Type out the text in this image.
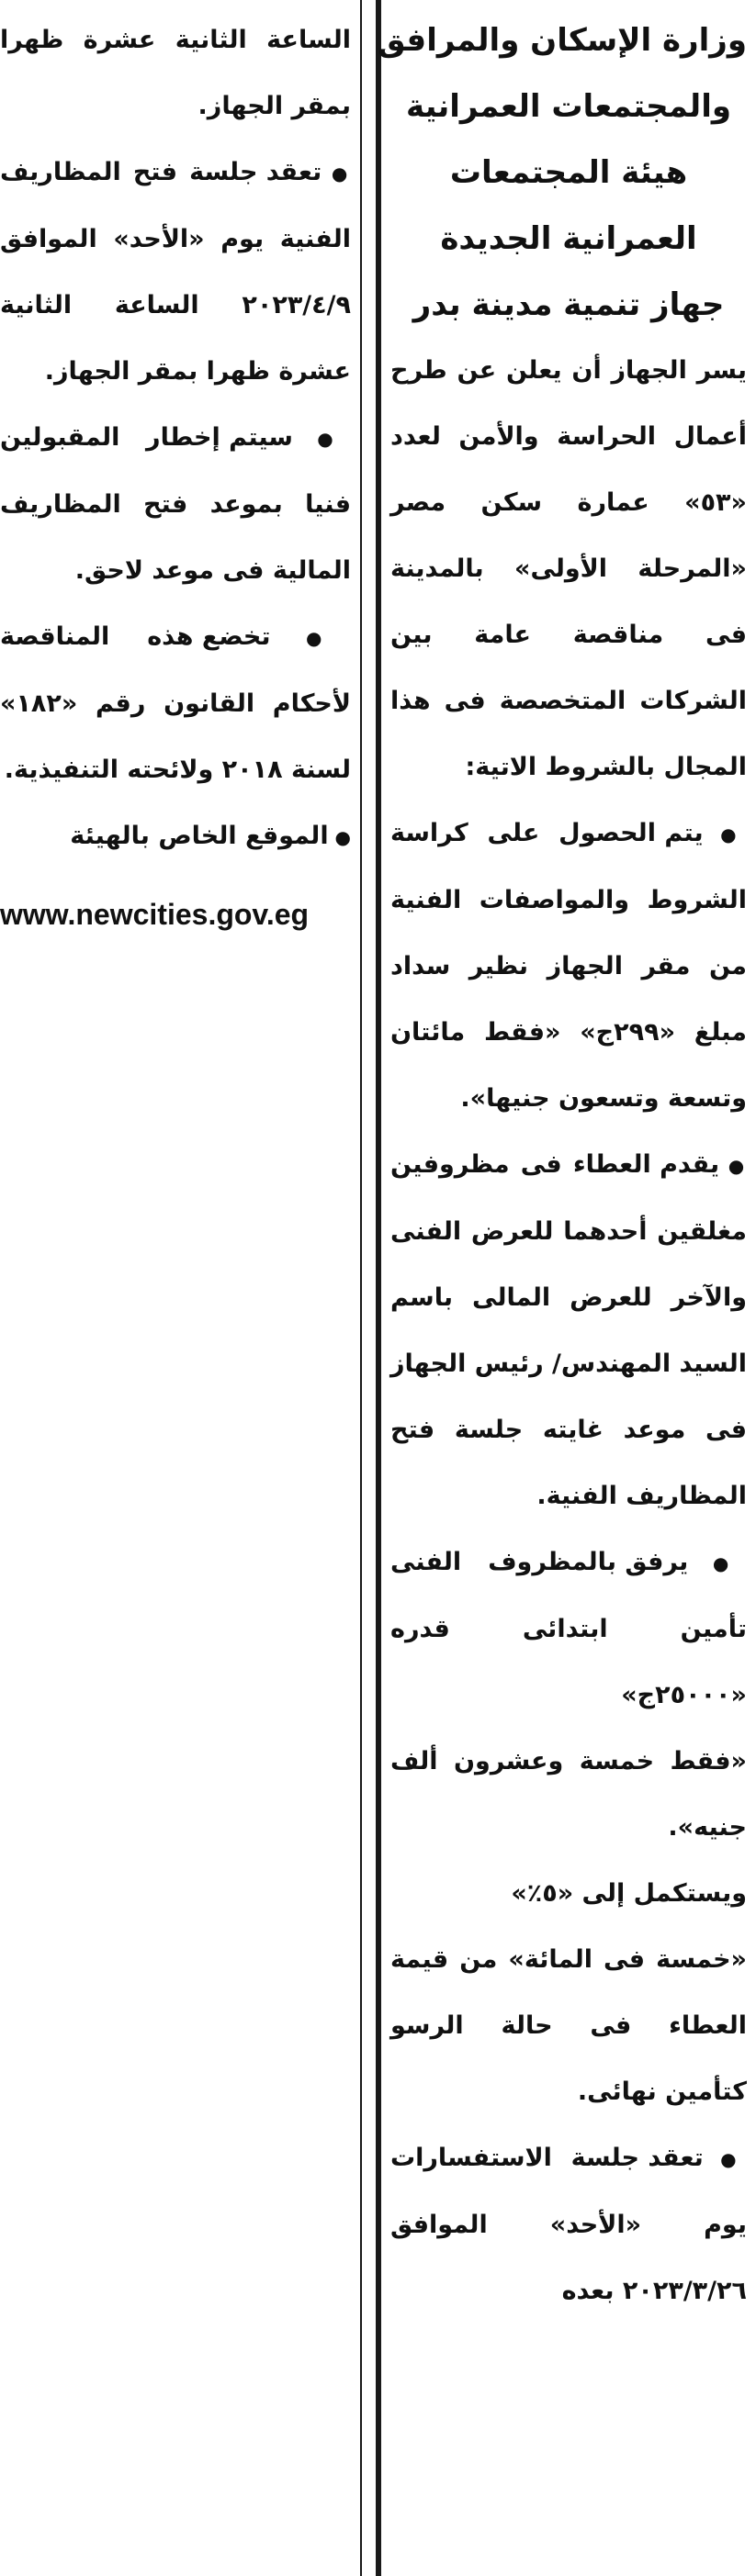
وزارة الإسكان والمرافق

والمجتمعات العمرانية

هيئة المجتمعات

العمرانية الجديدة

جهاز تنمية مدينة بدر

يسر الجهاز أن يعلن عن طرح أعمال الحراسة والأمن لعدد «٥٣» عمارة سكن مصر «المرحلة الأولى» بالمدينة فى مناقصة عامة بين الشركات المتخصصة فى هذا المجال بالشروط الاتية:

● يتم الحصول على كراسة الشروط والمواصفات الفنية من مقر الجهاز نظير سداد مبلغ «٢٩٩ج» «فقط مائتان وتسعة وتسعون جنيها».

● يقدم العطاء فى مظروفين مغلقين أحدهما للعرض الفنى والآخر للعرض المالى باسم السيد المهندس/ رئيس الجهاز فى موعد غايته جلسة فتح المظاريف الفنية.

● يرفق بالمظروف الفنى تأمين ابتدائى قدره «٢٥٠٠٠ج»

«فقط خمسة وعشرون ألف جنيه».

ويستكمل إلى «٥٪»

«خمسة فى المائة» من قيمة العطاء فى حالة الرسو كتأمين نهائى.

● تعقد جلسة الاستفسارات يوم «الأحد» الموافق ٢٠٢٣/٣/٢٦ بعده

الساعة الثانية عشرة ظهرا بمقر الجهاز.

● تعقد جلسة فتح المظاريف الفنية يوم «الأحد» الموافق ٢٠٢٣/٤/٩ الساعة الثانية عشرة ظهرا بمقر الجهاز.

● سيتم إخطار المقبولين فنيا بموعد فتح المظاريف المالية فى موعد لاحق.

● تخضع هذه المناقصة لأحكام القانون رقم «١٨٢» لسنة ٢٠١٨ ولائحته التنفيذية.

● الموقع الخاص بالهيئة

www.newcities.gov.eg
